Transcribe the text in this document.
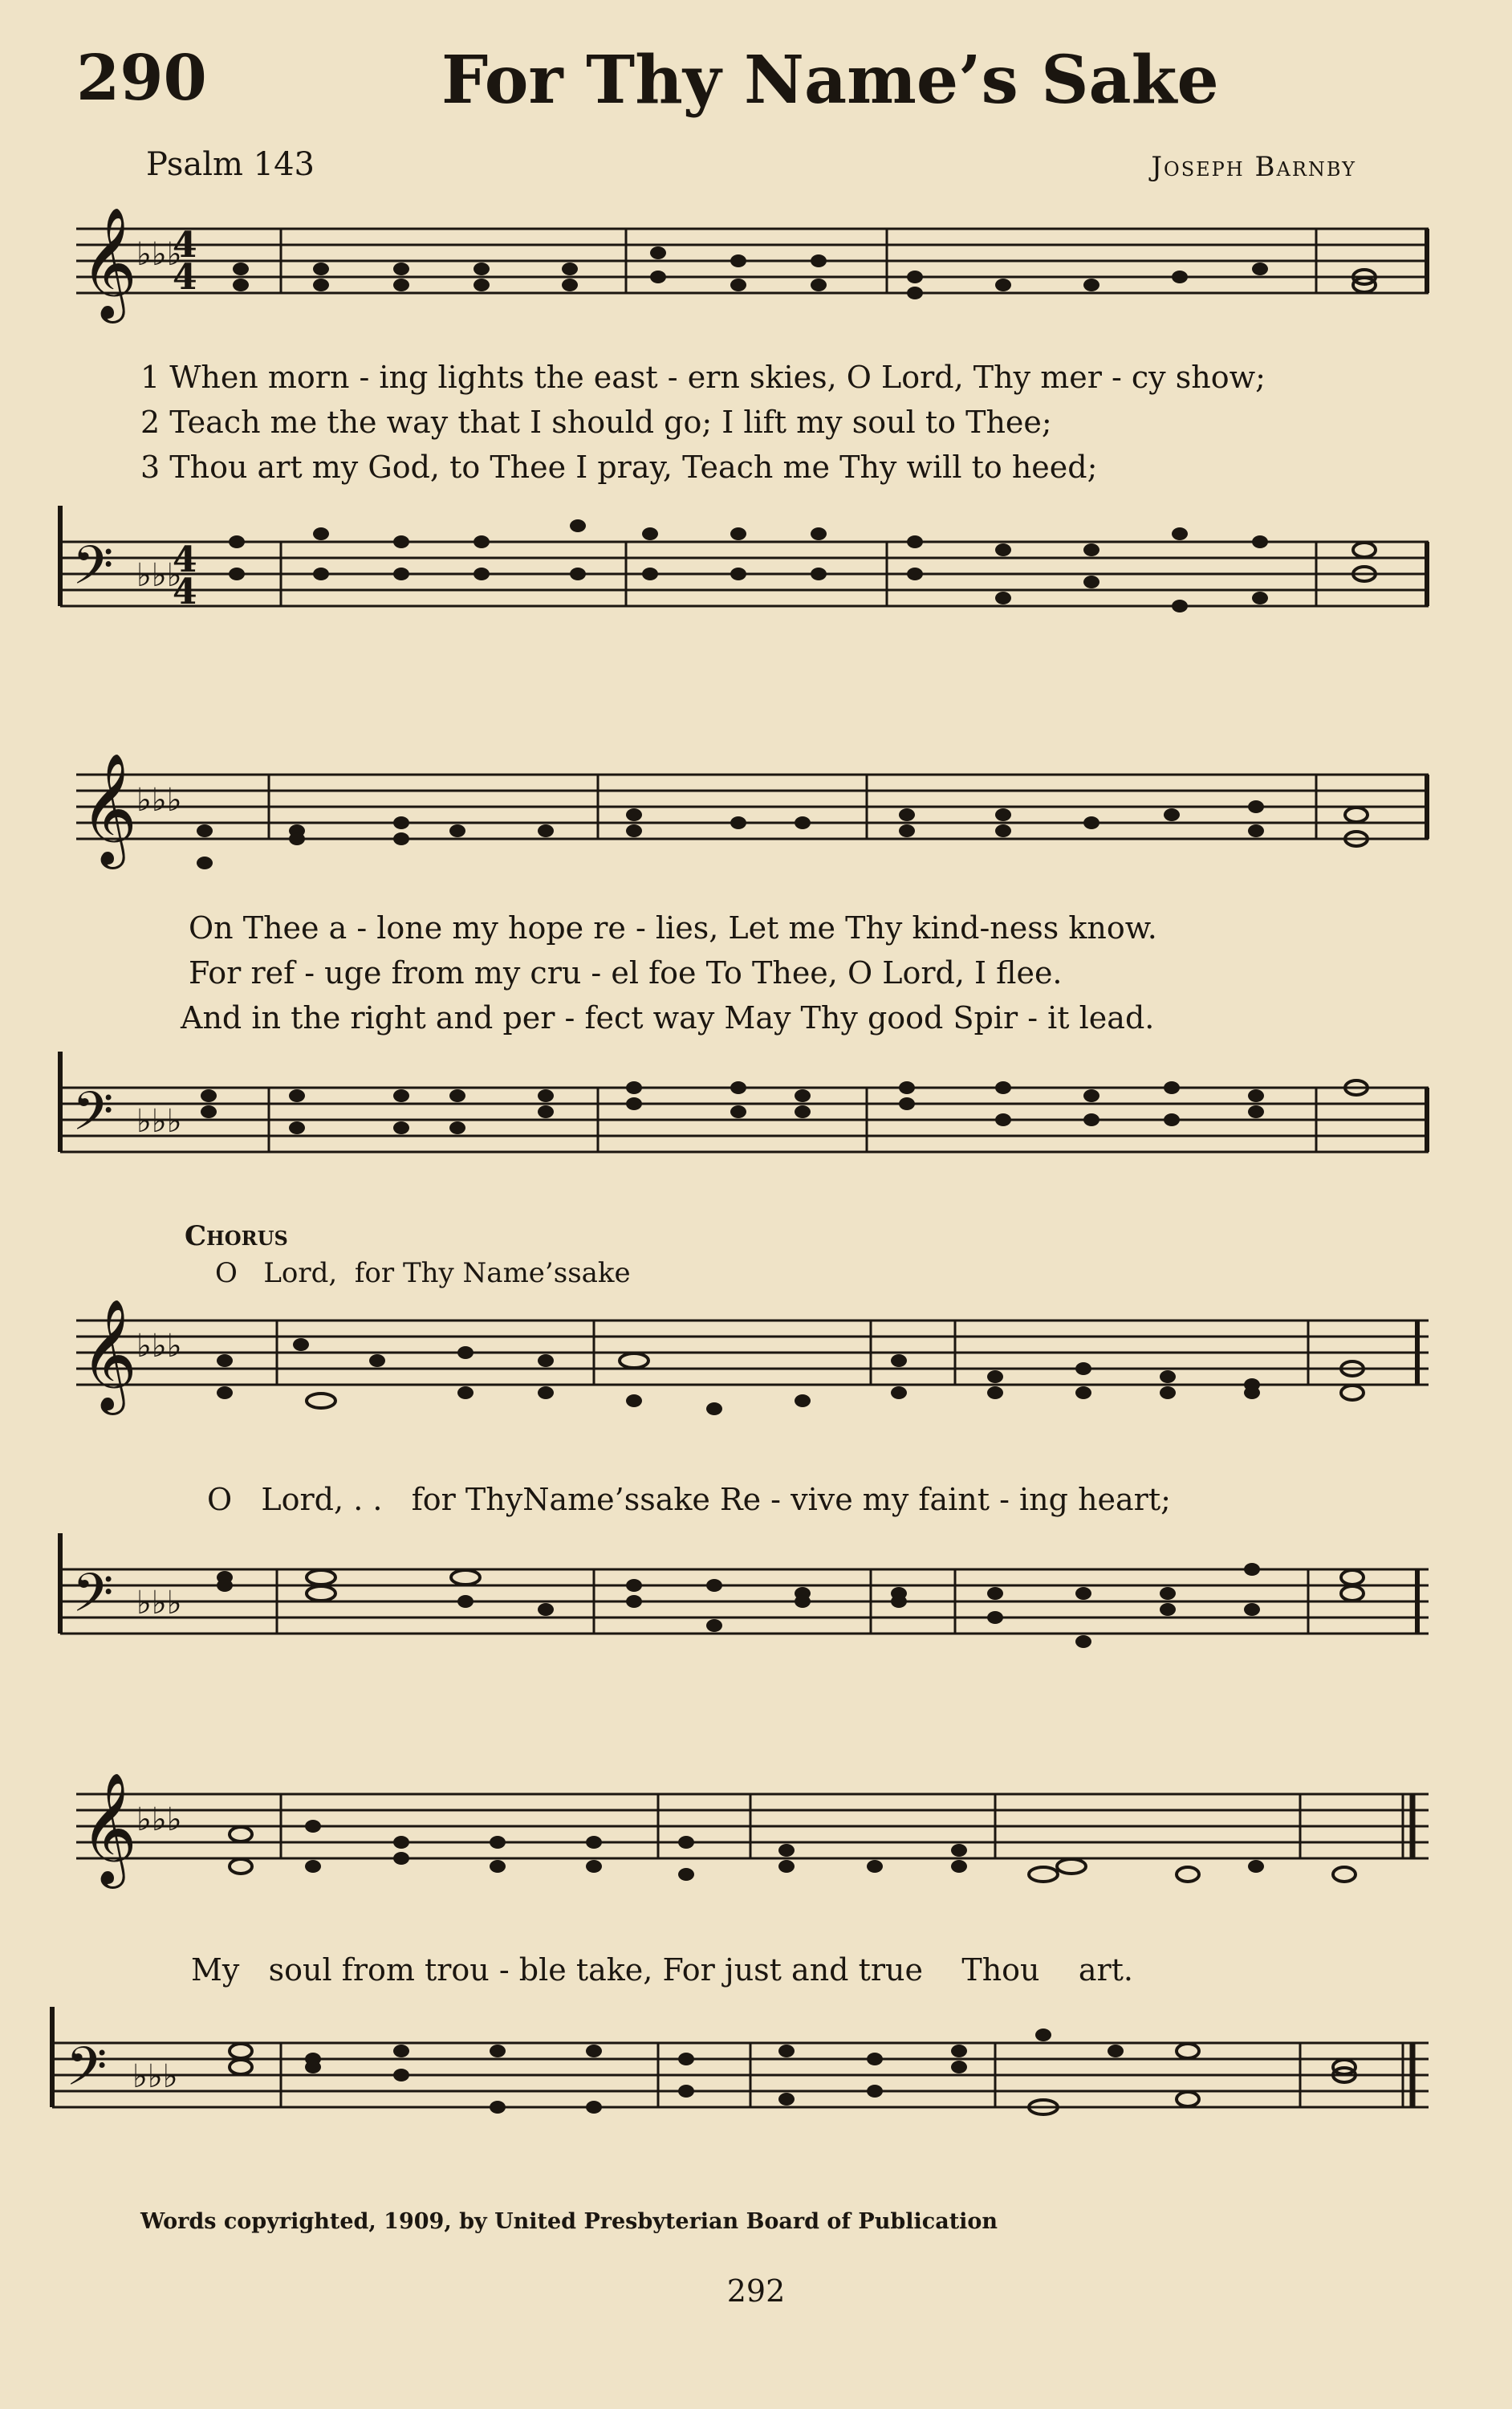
290	For Thy Name’s Sake
Psalm 143	Joseph Barnby
𝄞 ♭♭♭
4
4
1 When morn - ing lights the east - ern skies, O Lord, Thy mer - cy show;
2 Teach me the way that I should go; I lift my soul to Thee;
3 Thou art my God, to Thee I pray, Teach me Thy will to heed;
𝄢 ♭♭♭
4
4
𝄞 ♭♭♭
On Thee a - lone my hope re - lies, Let me Thy kind-ness know.
For ref - uge from my cru - el foe To Thee, O Lord, I flee.
And in the right and per - fect way May Thy good Spir - it lead.
𝄢 ♭♭♭
Chorus
O Lord, for Thy Name’ssake
𝄞 ♭♭♭
O Lord, . . for ThyName’ssake Re - vive my faint - ing heart;
𝄢 ♭♭♭
𝄞 ♭♭♭
My soul from trou - ble take, For just and true Thou art.
𝄢 ♭♭♭
Words copyrighted, 1909, by United Presbyterian Board of Publication
292
